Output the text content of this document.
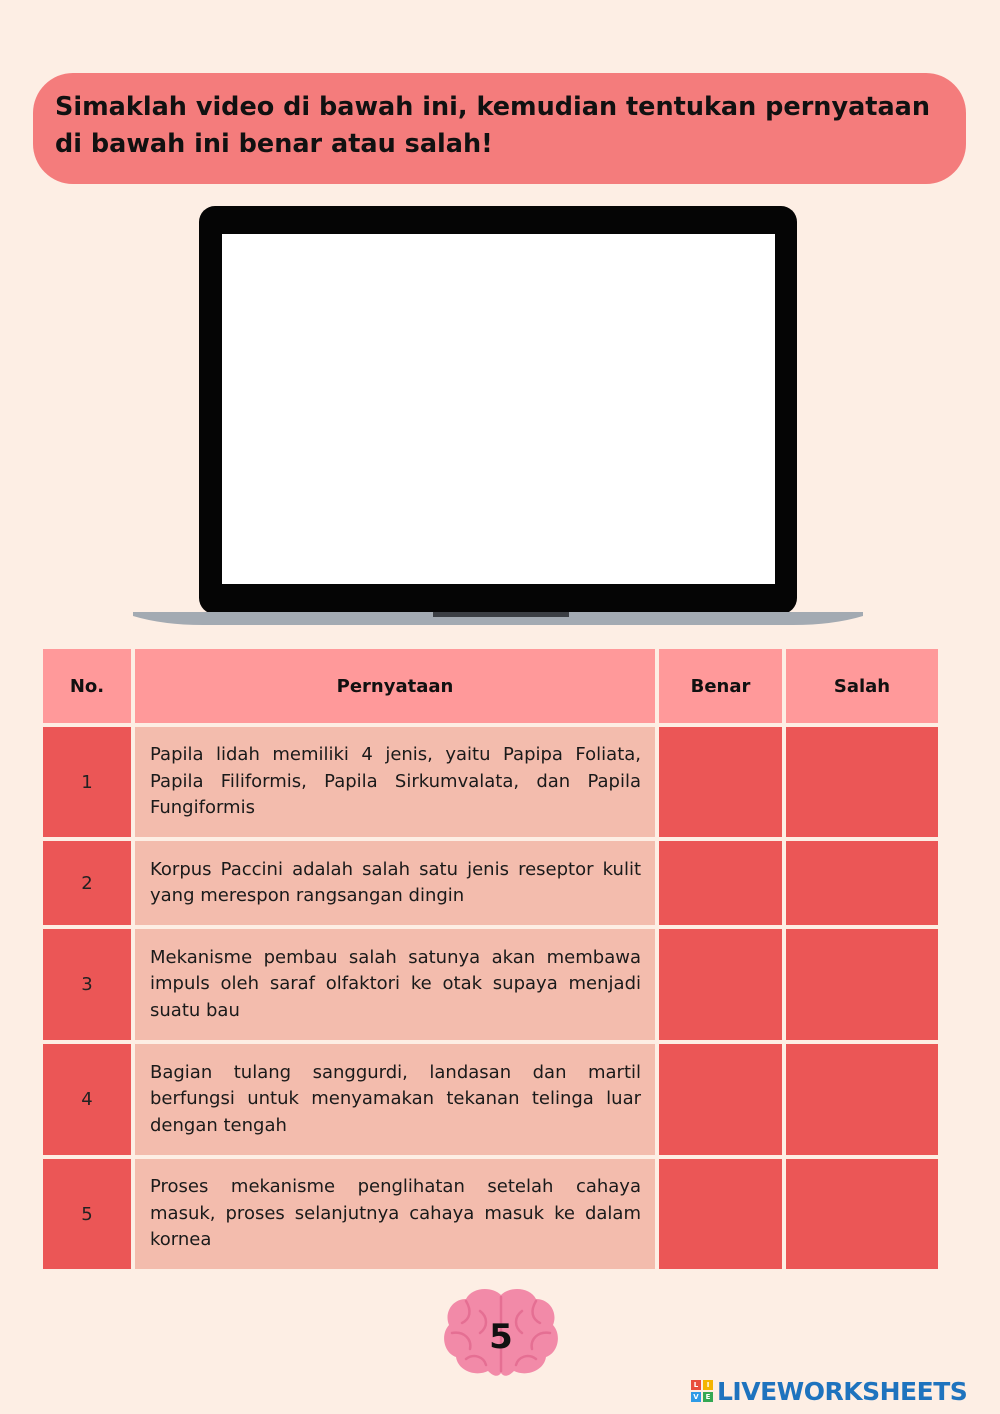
Simaklah video di bawah ini, kemudian tentukan pernyataan
di bawah ini benar atau salah!
No.	Pernyataan	Benar	Salah
1	Papila lidah memiliki 4 jenis, yaitu Papipa Foliata, Papila Filiformis, Papila Sirkumvalata, dan Papila Fungiformis		
2	Korpus Paccini adalah salah satu jenis reseptor kulit yang merespon rangsangan dingin		
3	Mekanisme pembau salah satunya akan membawa impuls oleh saraf olfaktori ke otak supaya menjadi suatu bau		
4	Bagian tulang sanggurdi, landasan dan martil berfungsi untuk menyamakan tekanan telinga luar dengan tengah		
5	Proses mekanisme penglihatan setelah cahaya masuk, proses selanjutnya cahaya masuk ke dalam kornea		
5
L	I
V E LIVEWORKSHEETS
